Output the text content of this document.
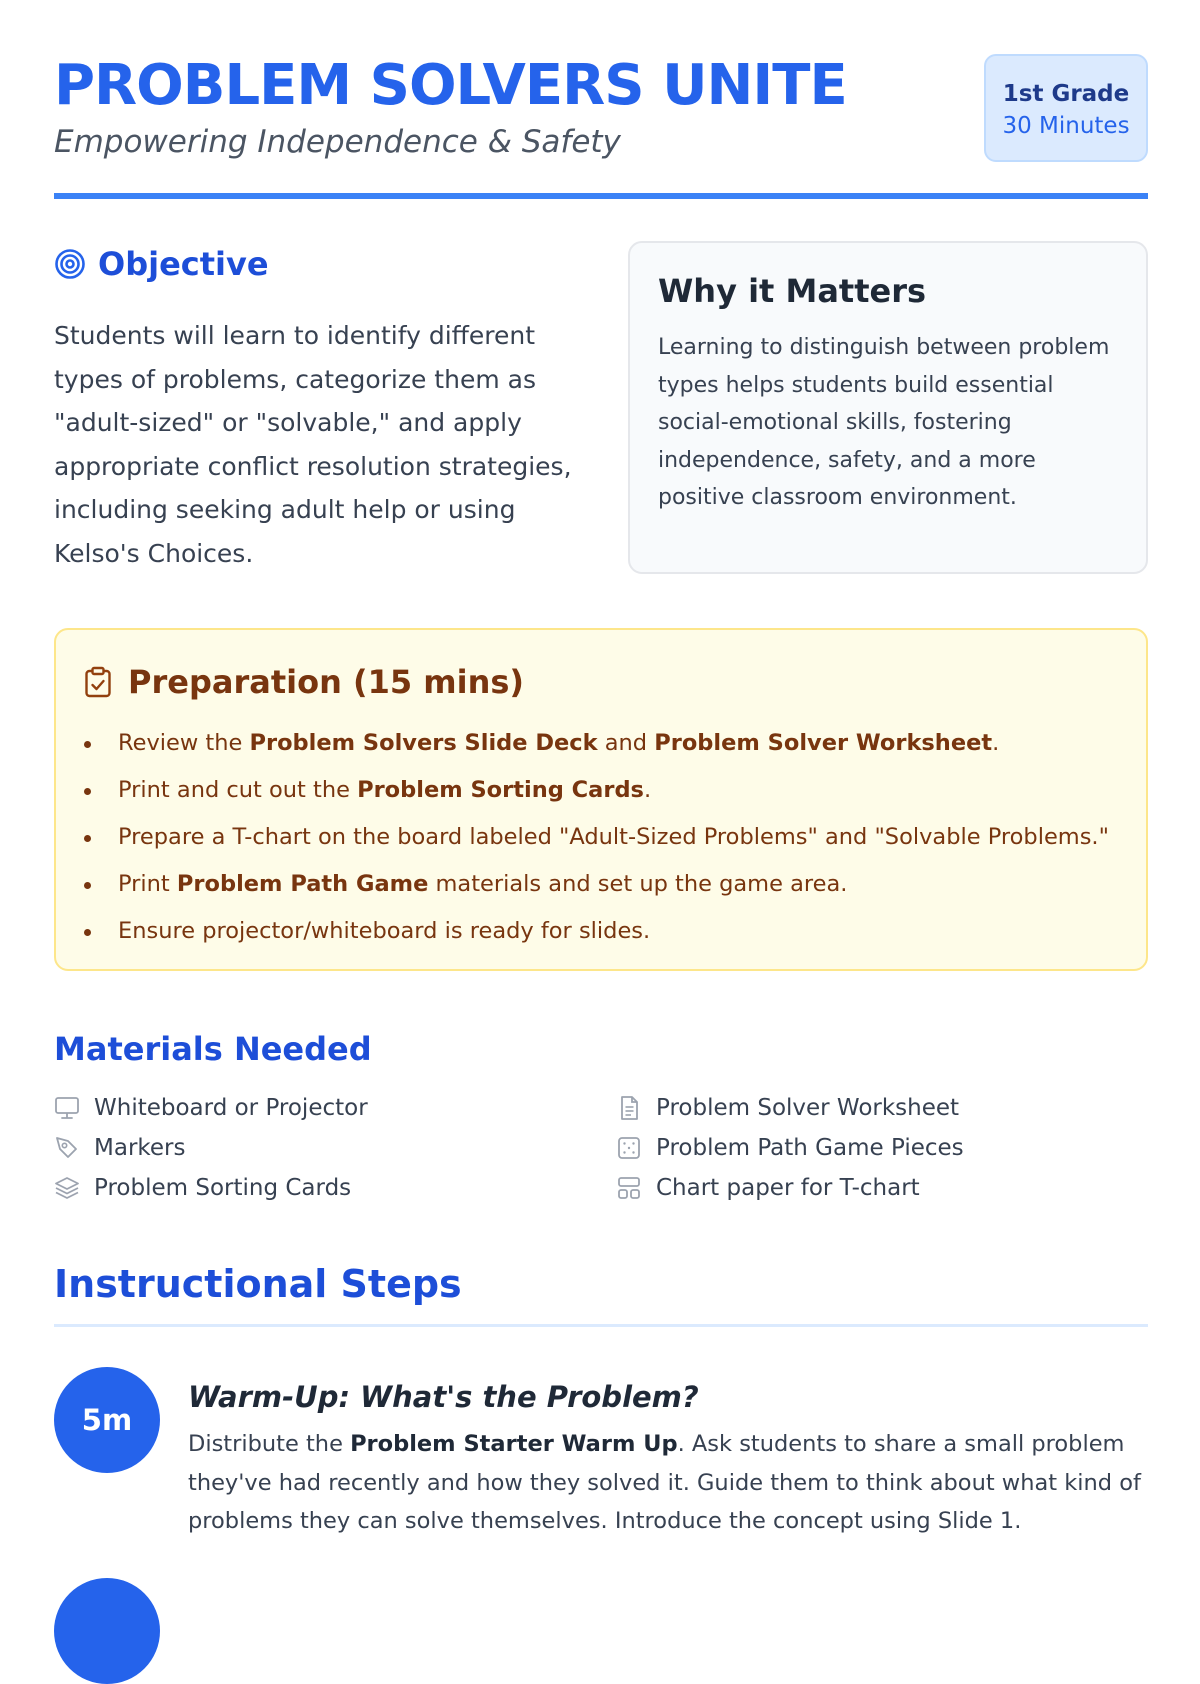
PROBLEM SOLVERS UNITE

Empowering Independence & Safety

1st Grade
30 Minutes
Objective

Students will learn to identify different types of problems, categorize them as "adult-sized" or "solvable," and apply appropriate conflict resolution strategies, including seeking adult help or using Kelso's Choices.

Why it Matters

Learning to distinguish between problem types helps students build essential social-emotional skills, fostering independence, safety, and a more positive classroom environment.

Preparation (15 mins)
Review the Problem Solvers Slide Deck and Problem Solver Worksheet.
Print and cut out the Problem Sorting Cards.
Prepare a T-chart on the board labeled "Adult-Sized Problems" and "Solvable Problems."
Print Problem Path Game materials and set up the game area.
Ensure projector/whiteboard is ready for slides.
Materials Needed
Whiteboard or Projector
Markers
Problem Sorting Cards
Problem Solver Worksheet
Problem Path Game Pieces
Chart paper for T-chart
Instructional Steps
5m
Warm-Up: What's the Problem?

Distribute the Problem Starter Warm Up. Ask students to share a small problem they've had recently and how they solved it. Guide them to think about what kind of problems they can solve themselves. Introduce the concept using Slide 1.
